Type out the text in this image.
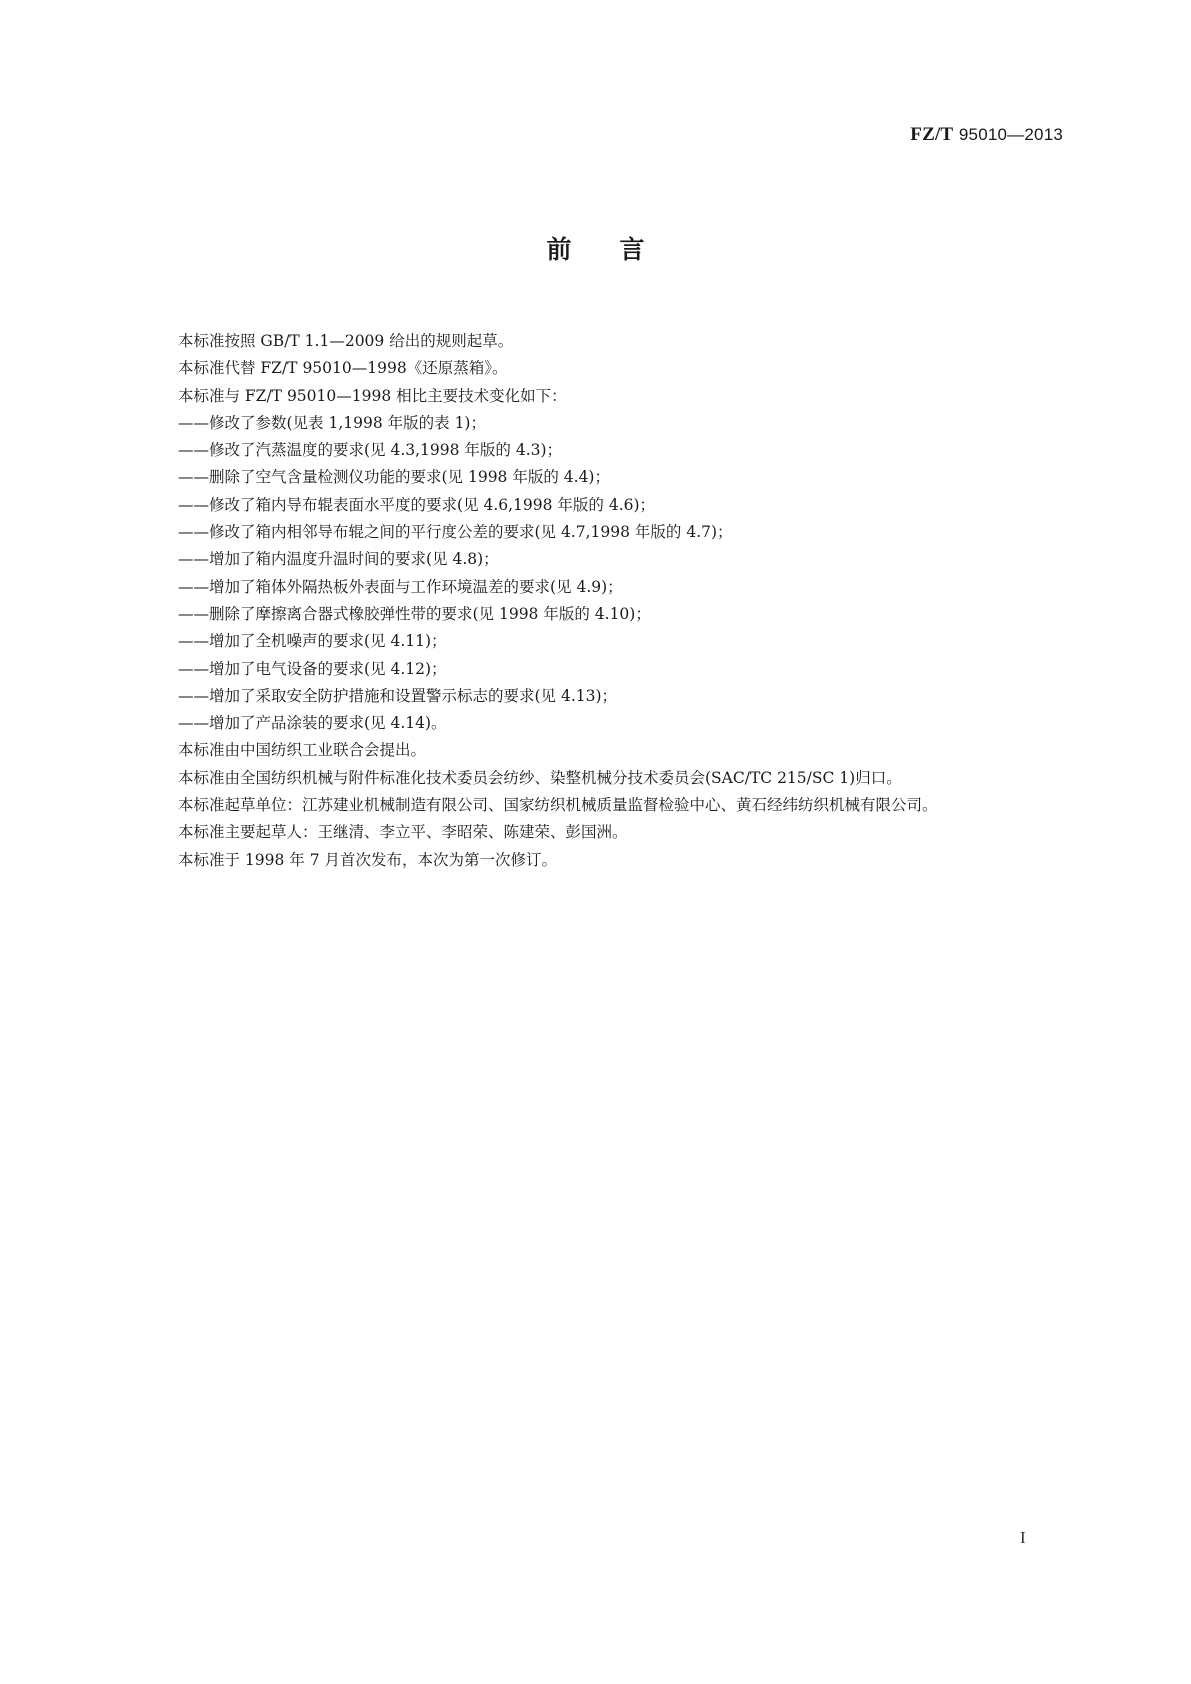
FZ/T 95010—2013
前言

本标准按照 GB/T 1.1—2009 给出的规则起草。

本标准代替 FZ/T 95010—1998《还原蒸箱》。

本标准与 FZ/T 95010—1998 相比主要技术变化如下：

——修改了参数(见表 1,1998 年版的表 1)；

——修改了汽蒸温度的要求(见 4.3,1998 年版的 4.3)；

——删除了空气含量检测仪功能的要求(见 1998 年版的 4.4)；

——修改了箱内导布辊表面水平度的要求(见 4.6,1998 年版的 4.6)；

——修改了箱内相邻导布辊之间的平行度公差的要求(见 4.7,1998 年版的 4.7)；

——增加了箱内温度升温时间的要求(见 4.8)；

——增加了箱体外隔热板外表面与工作环境温差的要求(见 4.9)；

——删除了摩擦离合器式橡胶弹性带的要求(见 1998 年版的 4.10)；

——增加了全机噪声的要求(见 4.11)；

——增加了电气设备的要求(见 4.12)；

——增加了采取安全防护措施和设置警示标志的要求(见 4.13)；

——增加了产品涂装的要求(见 4.14)。

本标准由中国纺织工业联合会提出。

本标准由全国纺织机械与附件标准化技术委员会纺纱、染整机械分技术委员会(SAC/TC 215/SC 1)归口。

本标准起草单位：江苏建业机械制造有限公司、国家纺织机械质量监督检验中心、黄石经纬纺织机械有限公司。

本标准主要起草人：王继清、李立平、李昭荣、陈建荣、彭国洲。

本标准于 1998 年 7 月首次发布，本次为第一次修订。

I
